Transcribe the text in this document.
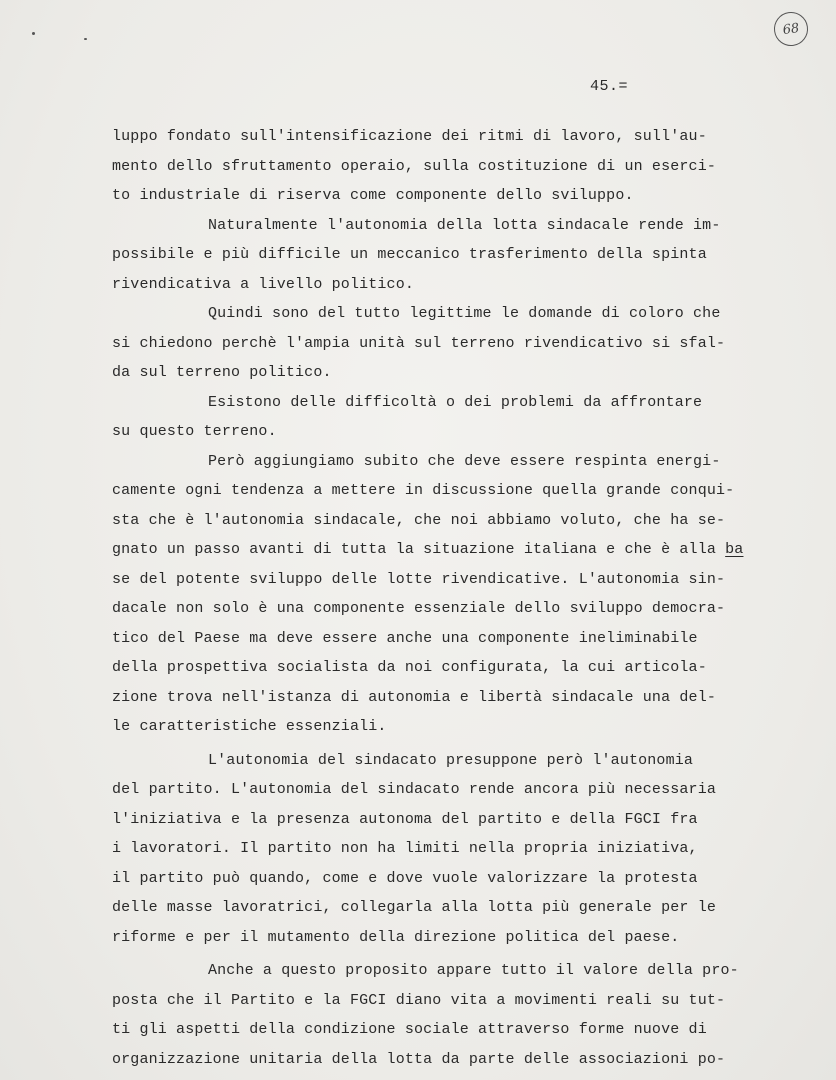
68
45.=
luppo fondato sull'intensificazione dei ritmi di lavoro, sull'au-
mento dello sfruttamento operaio, sulla costituzione di un eserci-
to industriale di riserva come componente dello sviluppo.
Naturalmente l'autonomia della lotta sindacale rende im-
possibile e più difficile un meccanico trasferimento della spinta
rivendicativa a livello politico.
Quindi sono del tutto legittime le domande di coloro che
si chiedono perchè l'ampia unità sul terreno rivendicativo si sfal-
da sul terreno politico.
Esistono delle difficoltà o dei problemi da affrontare
su questo terreno.
Però aggiungiamo subito che deve essere respinta energi-
camente ogni tendenza a mettere in discussione quella grande conqui-
sta che è l'autonomia sindacale, che noi abbiamo voluto, che ha se-
gnato un passo avanti di tutta la situazione italiana e che è alla ba
se del potente sviluppo delle lotte rivendicative. L'autonomia sin-
dacale non solo è una componente essenziale dello sviluppo democra-
tico del Paese ma deve essere anche una componente ineliminabile
della prospettiva socialista da noi configurata, la cui articola-
zione trova nell'istanza di autonomia e libertà sindacale una del-
le caratteristiche essenziali.
L'autonomia del sindacato presuppone però l'autonomia
del partito. L'autonomia del sindacato rende ancora più necessaria
l'iniziativa e la presenza autonoma del partito e della FGCI fra
i lavoratori. Il partito non ha limiti nella propria iniziativa,
il partito può quando, come e dove vuole valorizzare la protesta
delle masse lavoratrici, collegarla alla lotta più generale per le
riforme e per il mutamento della direzione politica del paese.
Anche a questo proposito appare tutto il valore della pro-
posta che il Partito e la FGCI diano vita a movimenti reali su tut-
ti gli aspetti della condizione sociale attraverso forme nuove di
organizzazione unitaria della lotta da parte delle associazioni po-
